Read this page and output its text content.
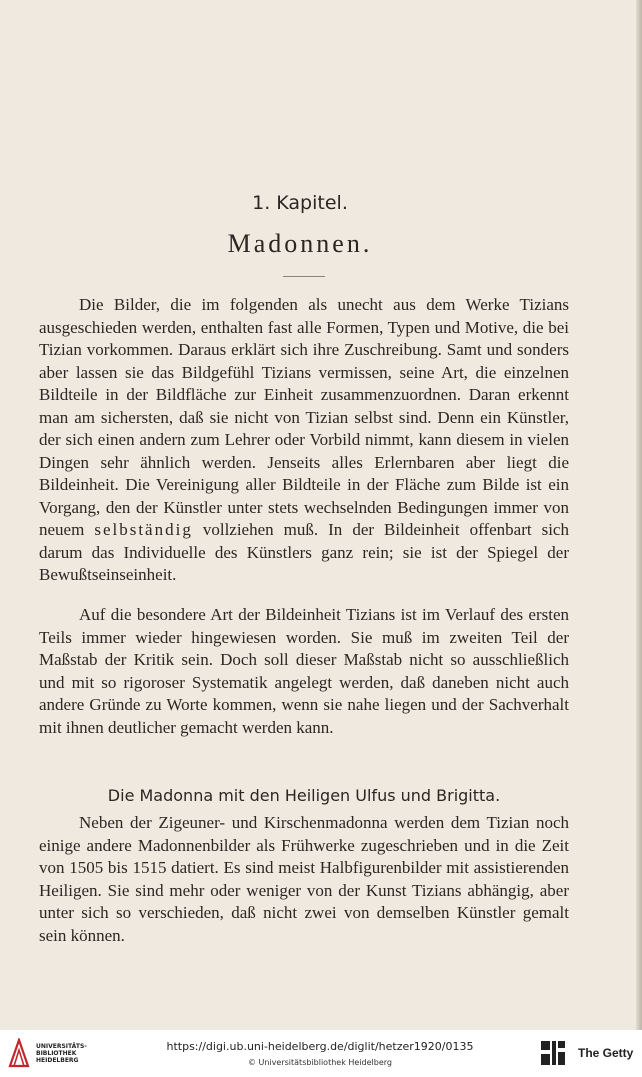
1. Kapitel.
Madonnen.

Die Bilder, die im folgenden als unecht aus dem Werke Tizians ausgeschieden werden, enthalten fast alle Formen, Typen und Motive, die bei Tizian vorkommen. Daraus erklärt sich ihre Zuschreibung. Samt und sonders aber lassen sie das Bildgefühl Tizians vermissen, seine Art, die einzelnen Bildteile in der Bildfläche zur Einheit zusammenzuordnen. Daran erkennt man am sichersten, daß sie nicht von Tizian selbst sind. Denn ein Künstler, der sich einen andern zum Lehrer oder Vorbild nimmt, kann diesem in vielen Dingen sehr ähnlich werden. Jenseits alles Erlernbaren aber liegt die Bildeinheit. Die Vereinigung aller Bildteile in der Fläche zum Bilde ist ein Vorgang, den der Künstler unter stets wechselnden Bedingungen immer von neuem selbständig vollziehen muß. In der Bildeinheit offenbart sich darum das Individuelle des Künstlers ganz rein; sie ist der Spiegel der Bewußtseinseinheit.

Auf die besondere Art der Bildeinheit Tizians ist im Verlauf des ersten Teils immer wieder hingewiesen worden. Sie muß im zweiten Teil der Maßstab der Kritik sein. Doch soll dieser Maßstab nicht so ausschließlich und mit so rigoroser Systematik angelegt werden, daß daneben nicht auch andere Gründe zu Worte kommen, wenn sie nahe liegen und der Sachverhalt mit ihnen deutlicher gemacht werden kann.

Die Madonna mit den Heiligen Ulfus und Brigitta.

Neben der Zigeuner- und Kirschenmadonna werden dem Tizian noch einige andere Madonnenbilder als Frühwerke zugeschrieben und in die Zeit von 1505 bis 1515 datiert. Es sind meist Halbfigurenbilder mit assistierenden Heiligen. Sie sind mehr oder weniger von der Kunst Tizians abhängig, aber unter sich so verschieden, daß nicht zwei von demselben Künstler gemalt sein können.

UNIVERSITÄTS-
BIBLIOTHEK
HEIDELBERG
https://digi.ub.uni-heidelberg.de/diglit/hetzer1920/0135
© Universitätsbibliothek Heidelberg
The Getty
